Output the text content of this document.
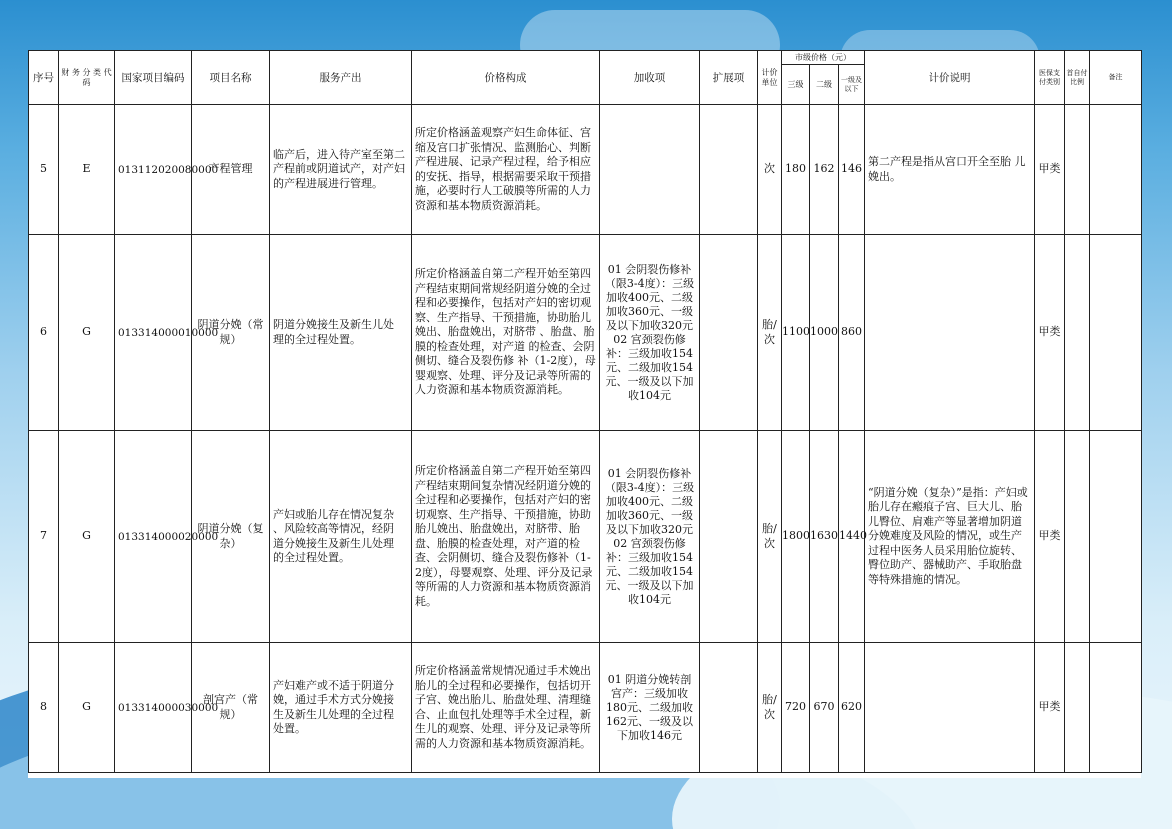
序号	财 务 分 类 代 码	国家项目编码	项目名称	服务产出	价格构成	加收项	扩展项	计价单位	市级价格（元）			计价说明	医保支付类别	首自付比例	备注
									三级	二级	一级及以下				
5	E	013112020080000	产程管理	临产后，进入待产室至第二产程前或阴道试产，对产妇的产程进展进行管理。	所定价格涵盖观察产妇生命体征、宫缩及宫口扩张情况、监测胎心、判断产程进展、记录产程过程，给予相应的安抚、指导，根据需要采取干预措施，必要时行人工破膜等所需的人力资源和基本物质资源消耗。			次	180	162	146	第二产程是指从宫口开全至胎 儿娩出。	甲类		
6	G	013314000010000	阴道分娩（常规）	阴道分娩接生及新生儿处 理的全过程处置。	所定价格涵盖自第二产程开始至第四产程结束期间常规经阴道分娩的全过程和必要操作，包括对产妇的密切观察、生产指导、干预措施，协助胎儿娩出、胎盘娩出，对脐带 、胎盘、胎膜的检查处理，对产道 的检查、会阴侧切、缝合及裂伤修 补（1-2度），母婴观察、处理、评分及记录等所需的人力资源和基本物质资源消耗。	01 会阴裂伤修补（限3-4度）：三级加收400元、二级加收360元、一级及以下加收320元 02 宫颈裂伤修补：三级加收154元、二级加收154元、一级及以下加收104元		胎/次	1100	1000	860		甲类		
7	G	013314000020000	阴道分娩（复杂）	产妇或胎儿存在情况复杂 、风险较高等情况，经阴 道分娩接生及新生儿处理 的全过程处置。	所定价格涵盖自第二产程开始至第四产程结束期间复杂情况经阴道分娩的全过程和必要操作，包括对产妇的密切观察、生产指导、干预措施，协助胎儿娩出、胎盘娩出，对脐带、胎盘、胎膜的检查处理，对产道的检查、会阴侧切、缝合及裂伤修补（1-2度），母婴观察、处理、评分及记录等所需的人力资源和基本物质资源消耗。	01 会阴裂伤修补（限3-4度）：三级加收400元、二级加收360元、一级及以下加收320元 02 宫颈裂伤修补：三级加收154元、二级加收154元、一级及以下加收104元		胎/次	1800	1630	1440	“阴道分娩（复杂）”是指：产妇或胎儿存在瘢痕子宫、巨大儿、胎儿臀位、肩难产等显著增加阴道分娩难度及风险的情况，或生产过程中医务人员采用胎位旋转、臀位助产、器械助产、手取胎盘等特殊措施的情况。	甲类		
8	G	013314000030000	剖宫产（常规）	产妇难产或不适于阴道分 娩，通过手术方式分娩接 生及新生儿处理的全过程 处置。	所定价格涵盖常规情况通过手术娩出胎儿的全过程和必要操作，包括切开子宫、娩出胎儿、胎盘处理、清理缝合、止血包扎处理等手术全过程，新生儿的观察、处理、评分及记录等所需的人力资源和基本物质资源消耗。	01 阴道分娩转剖宫产：三级加收180元、二级加收162元、一级及以下加收146元		胎/次	720	670	620		甲类		
